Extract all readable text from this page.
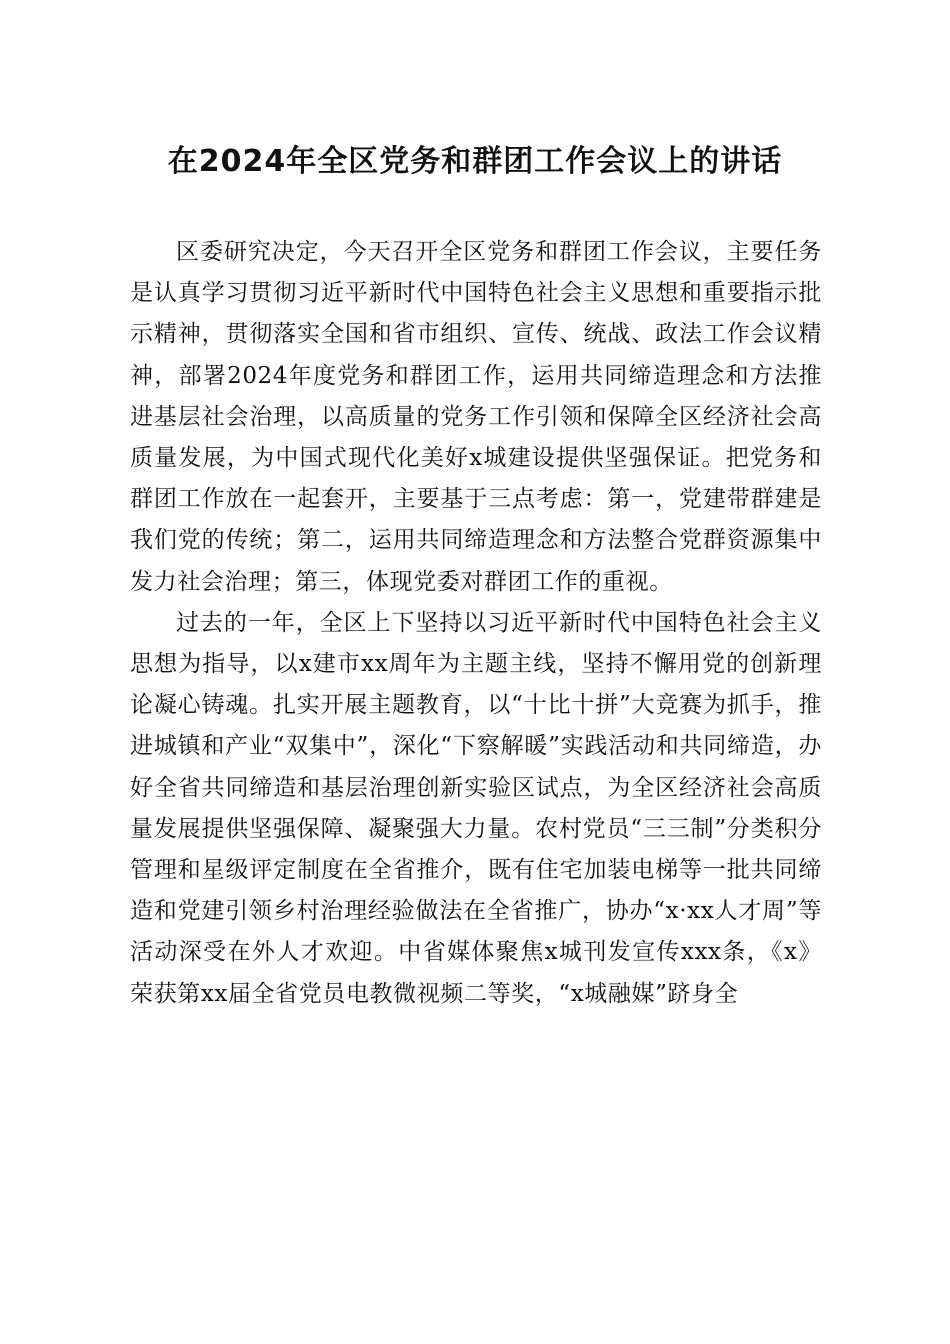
在2024年全区党务和群团工作会议上的讲话

区委研究决定，今天召开全区党务和群团工作会议，主要任务是认真学习贯彻习近平新时代中国特色社会主义思想和重要指示批示精神，贯彻落实全国和省市组织、宣传、统战、政法工作会议精神，部署2024年度党务和群团工作，运用共同缔造理念和方法推进基层社会治理，以高质量的党务工作引领和保障全区经济社会高质量发展，为中国式现代化美好x城建设提供坚强保证。把党务和群团工作放在一起套开，主要基于三点考虑：第一，党建带群建是我们党的传统；第二，运用共同缔造理念和方法整合党群资源集中发力社会治理；第三，体现党委对群团工作的重视。

过去的一年，全区上下坚持以习近平新时代中国特色社会主义思想为指导，以x建市xx周年为主题主线，坚持不懈用党的创新理论凝心铸魂。扎实开展主题教育，以“十比十拼”大竞赛为抓手，推进城镇和产业“双集中”，深化“下察解暖”实践活动和共同缔造，办好全省共同缔造和基层治理创新实验区试点，为全区经济社会高质量发展提供坚强保障、凝聚强大力量。农村党员“三三制”分类积分管理和星级评定制度在全省推介，既有住宅加装电梯等一批共同缔造和党建引领乡村治理经验做法在全省推广，协办“x·xx人才周”等活动深受在外人才欢迎。中省媒体聚焦x城刊发宣传xxx条，《x》荣获第xx届全省党员电教微视频二等奖，“x城融媒”跻身全
